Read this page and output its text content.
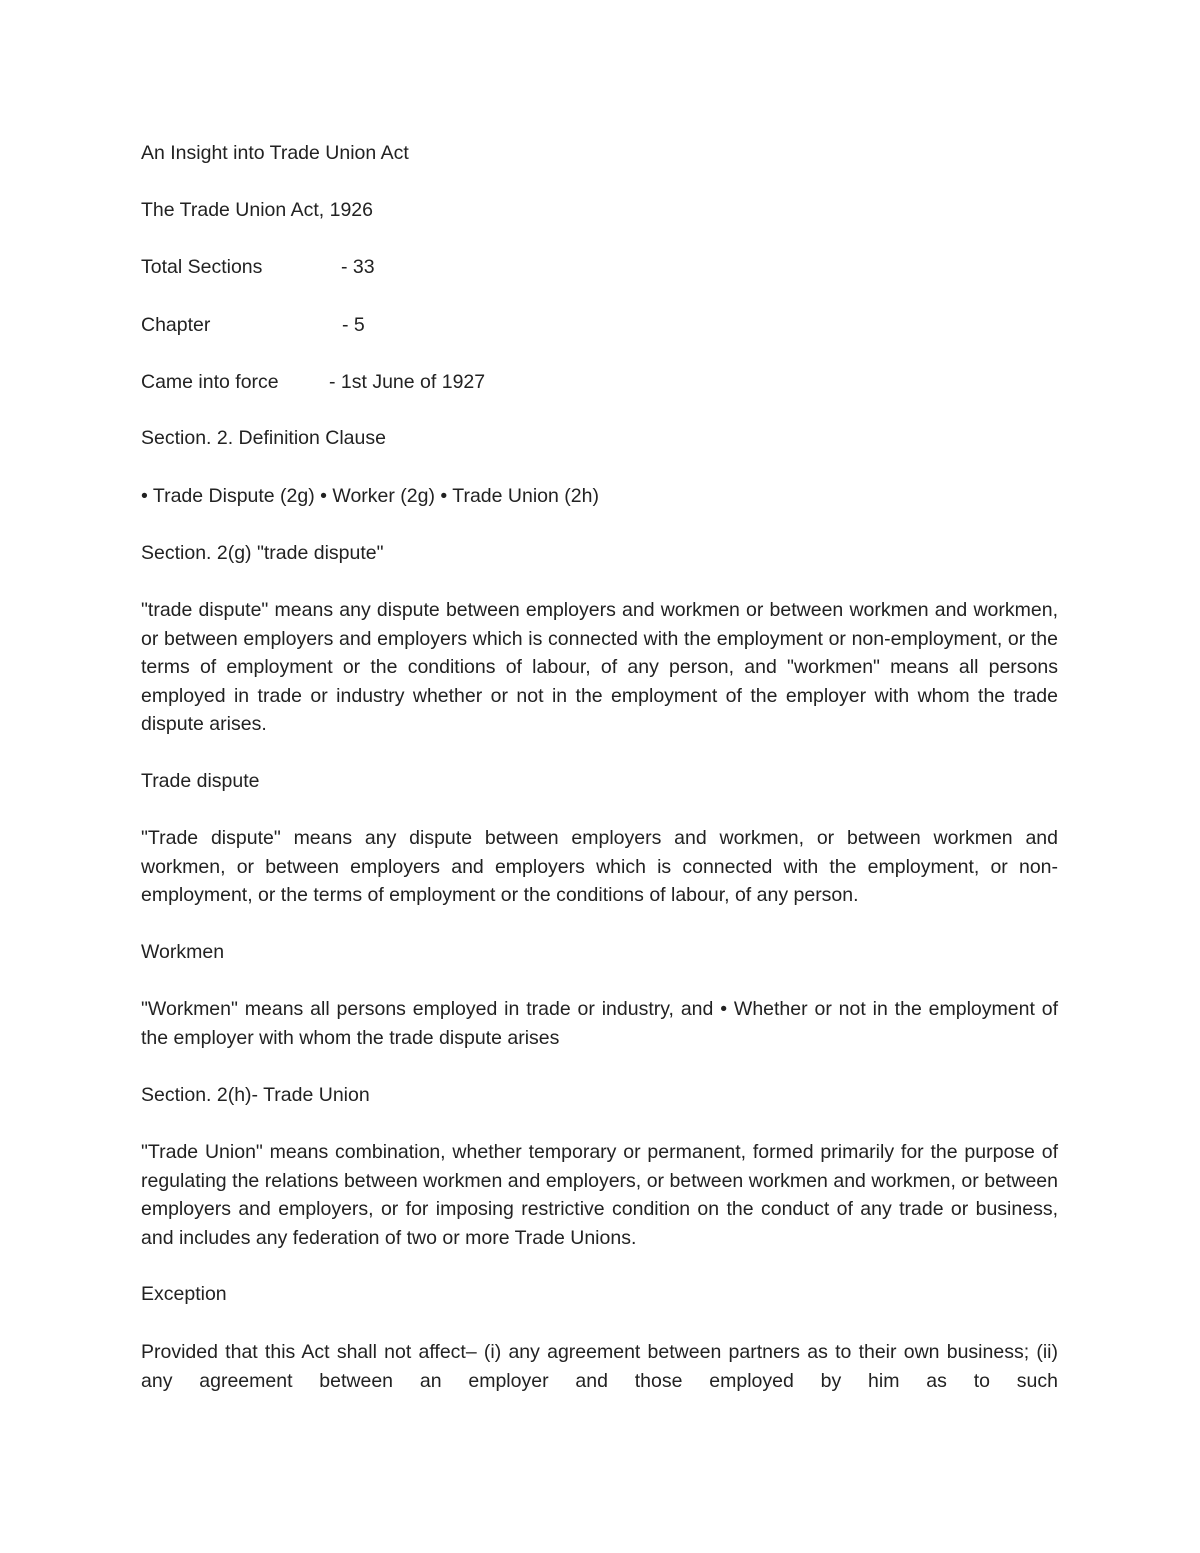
An Insight into Trade Union Act
The Trade Union Act, 1926
Total Sections	- 33
Chapter	- 5
Came into force	- 1st June of 1927
Section. 2. Definition Clause
• Trade Dispute (2g) • Worker (2g) • Trade Union (2h)
Section. 2(g) "trade dispute"
"trade dispute" means any dispute between employers and workmen or between workmen and workmen, or between employers and employers which is connected with the employment or non-employment, or the terms of employment or the conditions of labour, of any person, and "workmen" means all persons employed in trade or industry whether or not in the employment of the employer with whom the trade dispute arises.
Trade dispute
"Trade dispute" means any dispute between employers and workmen, or between workmen and workmen, or between employers and employers which is connected with the employment, or non-employment, or the terms of employment or the conditions of labour, of any person.
Workmen
"Workmen" means all persons employed in trade or industry, and • Whether or not in the employment of the employer with whom the trade dispute arises
Section. 2(h)- Trade Union
"Trade Union" means combination, whether temporary or permanent, formed primarily for the purpose of regulating the relations between workmen and employers, or between workmen and workmen, or between employers and employers, or for imposing restrictive condition on the conduct of any trade or business, and includes any federation of two or more Trade Unions.
Exception
Provided that this Act shall not affect– (i) any agreement between partners as to their own business; (ii) any agreement between an employer and those employed by him as to such
